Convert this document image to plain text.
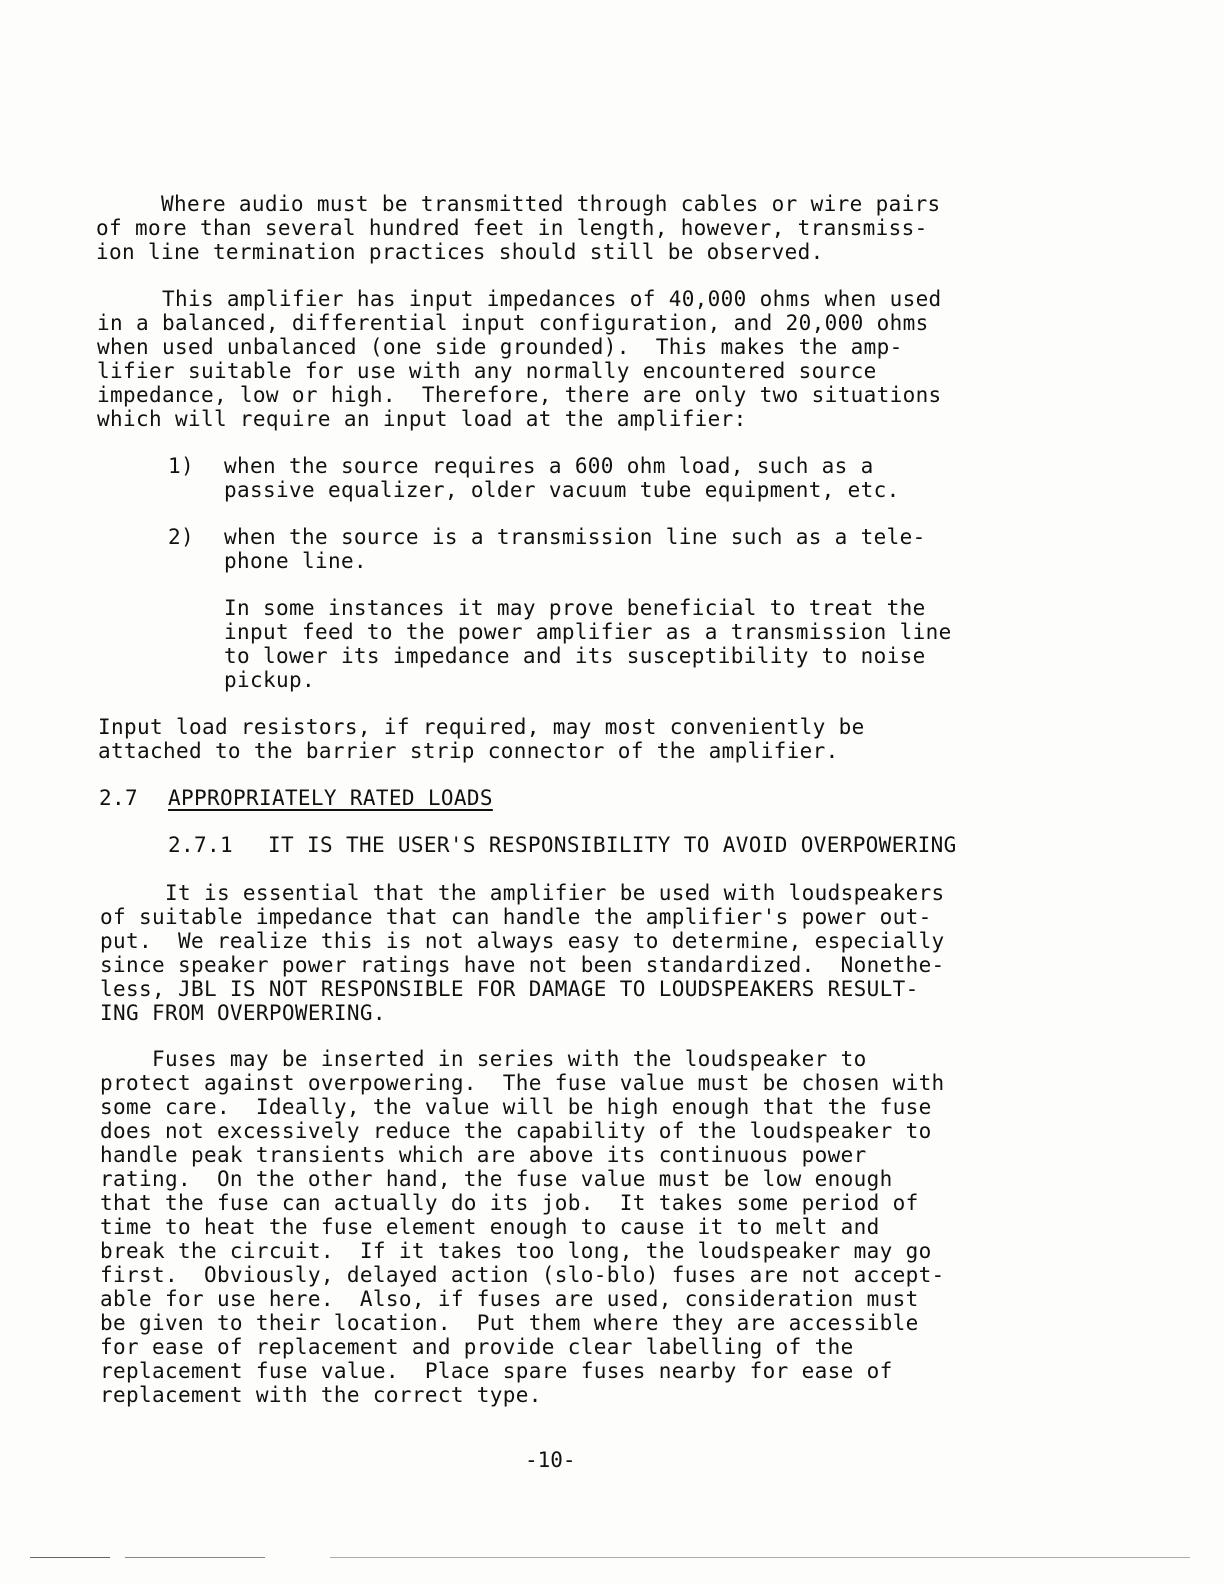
Where audio must be transmitted through cables or wire pairs
of more than several hundred feet in length, however, transmiss-
ion line termination practices should still be observed.
This amplifier has input impedances of 40,000 ohms when used
in a balanced, differential input configuration, and 20,000 ohms
when used unbalanced (one side grounded).  This makes the amp-
lifier suitable for use with any normally encountered source
impedance, low or high.  Therefore, there are only two situations
which will require an input load at the amplifier:
1) when the source requires a 600 ohm load, such as a
passive equalizer, older vacuum tube equipment, etc.
2) when the source is a transmission line such as a tele-
phone line.
In some instances it may prove beneficial to treat the
input feed to the power amplifier as a transmission line
to lower its impedance and its susceptibility to noise
pickup.
Input load resistors, if required, may most conveniently be
attached to the barrier strip connector of the amplifier.
2.7 APPROPRIATELY RATED LOADS
2.7.1 IT IS THE USER'S RESPONSIBILITY TO AVOID OVERPOWERING
It is essential that the amplifier be used with loudspeakers
of suitable impedance that can handle the amplifier's power out-
put.  We realize this is not always easy to determine, especially
since speaker power ratings have not been standardized.  Nonethe-
less, JBL IS NOT RESPONSIBLE FOR DAMAGE TO LOUDSPEAKERS RESULT-
ING FROM OVERPOWERING.
Fuses may be inserted in series with the loudspeaker to
protect against overpowering.  The fuse value must be chosen with
some care.  Ideally, the value will be high enough that the fuse
does not excessively reduce the capability of the loudspeaker to
handle peak transients which are above its continuous power
rating.  On the other hand, the fuse value must be low enough
that the fuse can actually do its job.  It takes some period of
time to heat the fuse element enough to cause it to melt and
break the circuit.  If it takes too long, the loudspeaker may go
first.  Obviously, delayed action (slo-blo) fuses are not accept-
able for use here.  Also, if fuses are used, consideration must
be given to their location.  Put them where they are accessible
for ease of replacement and provide clear labelling of the
replacement fuse value.  Place spare fuses nearby for ease of
replacement with the correct type.
-10-
